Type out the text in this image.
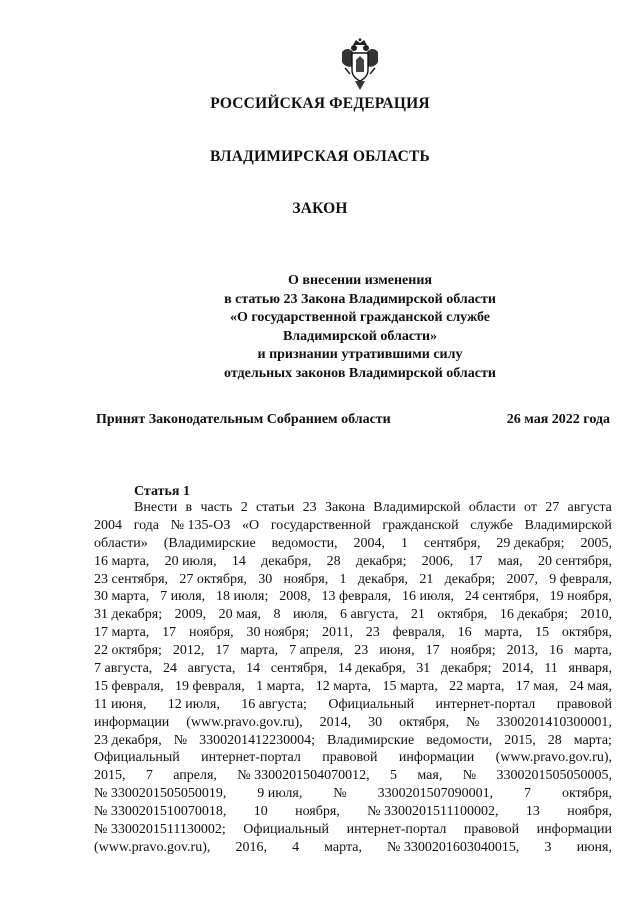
РОССИЙСКАЯ ФЕДЕРАЦИЯ
ВЛАДИМИРСКАЯ ОБЛАСТЬ
ЗАКОН
О внесении изменения
в статью 23 Закона Владимирской области
«О государственной гражданской службе
Владимирской области»
и признании утратившими силу
отдельных законов Владимирской области
Принят Законодательным Собранием области	26 мая 2022 года
Статья 1
Внести в часть 2 статьи 23 Закона Владимирской области от 27 августа
2004 года № 135-ОЗ «О государственной гражданской службе Владимирской
области» (Владимирские ведомости, 2004, 1 сентября, 29 декабря; 2005,
16 марта, 20 июля, 14 декабря, 28 декабря; 2006, 17 мая, 20 сентября,
23 сентября, 27 октября, 30 ноября, 1 декабря, 21 декабря; 2007, 9 февраля,
30 марта, 7 июля, 18 июля; 2008, 13 февраля, 16 июля, 24 сентября, 19 ноября,
31 декабря; 2009, 20 мая, 8 июля, 6 августа, 21 октября, 16 декабря; 2010,
17 марта, 17 ноября, 30 ноября; 2011, 23 февраля, 16 марта, 15 октября,
22 октября; 2012, 17 марта, 7 апреля, 23 июня, 17 ноября; 2013, 16 марта,
7 августа, 24 августа, 14 сентября, 14 декабря, 31 декабря; 2014, 11 января,
15 февраля, 19 февраля, 1 марта, 12 марта, 15 марта, 22 марта, 17 мая, 24 мая,
11 июня, 12 июля, 16 августа; Официальный интернет-портал правовой
информации (www.pravo.gov.ru), 2014, 30 октября, № 3300201410300001,
23 декабря, № 3300201412230004; Владимирские ведомости, 2015, 28 марта;
Официальный интернет-портал правовой информации (www.pravo.gov.ru),
2015, 7 апреля, № 3300201504070012, 5 мая, № 3300201505050005,
№ 3300201505050019, 9 июля, № 3300201507090001, 7 октября,
№ 3300201510070018, 10 ноября, № 3300201511100002, 13 ноября,
№ 3300201511130002; Официальный интернет-портал правовой информации
(www.pravo.gov.ru), 2016, 4 марта, № 3300201603040015, 3 июня,
